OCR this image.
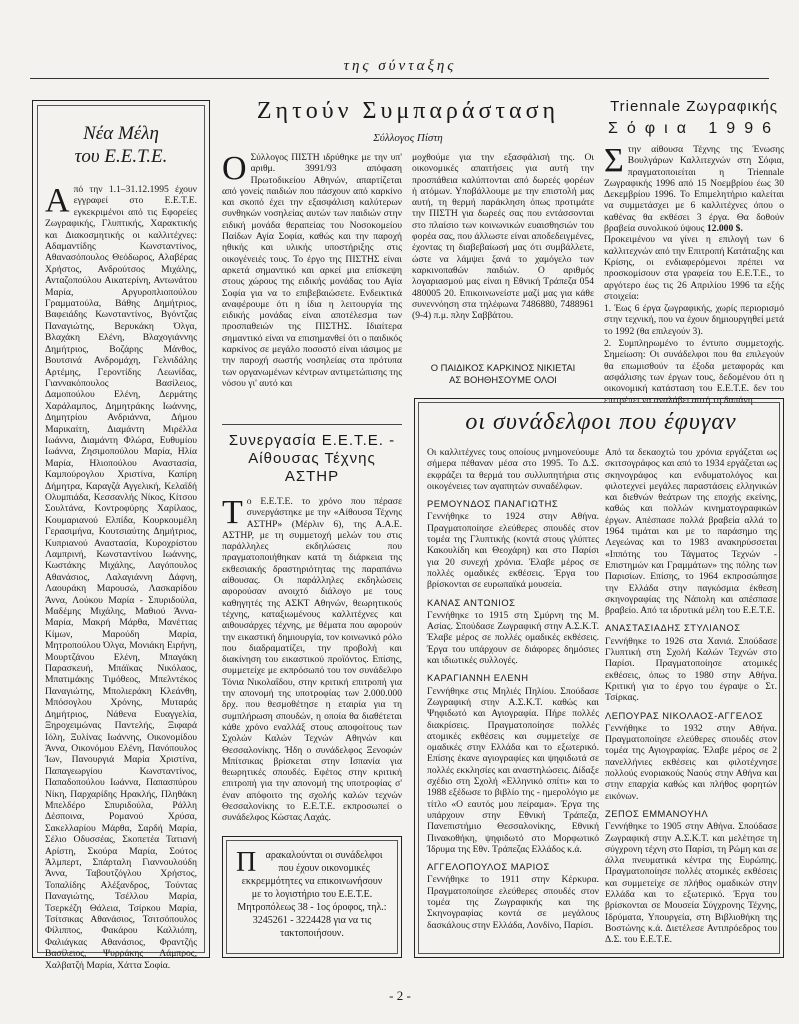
της σύνταξης
Νέα Μέλη
του Ε.Ε.Τ.Ε.
Από την 1.1–31.12.1995 έχουν εγγραφεί στο Ε.Ε.Τ.Ε. εγκεκριμένοι από τις Εφορείες Ζωγραφικής, Γλυπτικής, Χαρακτικής και Διακοσμητικής οι καλλιτέχνες: Αδαμαντίδης Κωνσταντίνος, Αθανασόπουλος Θεόδωρος, Αλαβέρας Χρήστος, Ανδρούτσος Μιχάλης, Ανταζοπούλου Αικατερίνη, Αντωνάτου Μαρία, Αργυροπλιοπούλου Γραμματούλα, Βάθης Δημήτριος, Βαφειάδης Κωνσταντίνος, Βγόντζας Παναγιώτης, Βερυκάκη Όλγα, Βλαχάκη Ελένη, Βλαχογιάννης Δημήτριος, Βοζάρης Μάνθος, Βουτσινά Ανδρομάχη, Γελνιδάλης Αρτέμης, Γεροντίδης Λεωνίδας, Γιαννακόπουλος Βασίλειος, Δαμοπούλου Ελένη, Δερμάτης Χαράλαμπος, Δημητράκης Ιωάννης, Δημητρίου Ανδριάννα, Δήμου Μαρικαίτη, Διαμάντη Μιρέλλα Ιωάννα, Διαμάντη Φλώρα, Ευθυμίου Ιωάννα, Ζησιμοπούλου Μαρία, Ηλία Μαρία, Ηλιοπούλου Αναστασία, Καμπούρογλου Χριστίνα, Καπίρη Δήμητρα, Καραγζά Αγγελική, Κελαϊδή Ολυμπιάδα, Κεσσανλής Νίκος, Κίτσου Σουλτάνα, Κοντροφύρης Χαρίλαος, Κουμαριανού Ελπίδα, Κουρκουμέλη Γερασιμήνα, Κουτσιαύτης Δημήτριος, Κυπριανού Αναστασία, Κυροχρίστου Λαμπρινή, Κωνσταντίνου Ιωάννης, Κωστάκης Μιχάλης, Λαγόπουλος Αθανάσιος, Λαλαγιάννη Δάφνη, Λαουράκη Μαρουσώ, Λασκαρίδου Άννα, Λούκου Μαρία - Σπυριδούλα, Μαδέμης Μιχάλης, Μαθιού Άννα-Μαρία, Μακρή Μάρθα, Μανέττας Κίμων, Μαρούδη Μαρία, Μητροπούλου Όλγα, Μονιάκη Ειρήνη, Μουρτζάνου Ελένη, Μπαγάκη Παρασκευή, Μπάϊκας Νικόλαος, Μπατιμάκης Τιμόθεος, Μπελντέκος Παναγιώτης, Μπολιεράκη Κλεάνθη, Μπόσογλου Χρόνης, Μυταράς Δημήτριος, Νάθενα Ευαγγελία, Ξηροχειμώνας Παντελής, Ξιφαρά Ιόλη, Ξυλίνας Ιωάννης, Οικονομίδου Άννα, Οικονόμου Ελένη, Πανόπουλος Ίων, Πανουργιά Μαρία Χριστίνα, Παπαγεωργίου Κωνσταντίνος, Παπαδοπούλου Ιωάννα, Παπασπύρου Νίκη, Παρχαρίδης Ηρακλής, Πληθάκη Μπελδέρο Σπυριδούλα, Ράλλη Δέσποινα, Ρομανού Χρύσα, Σακελλαρίου Μάρθα, Σαρδή Μαρία, Σέλιο Οδυσσέας, Σκοπετέα Τατιανή Αρίστη, Σκούρα Μαρία, Σούτος Άλμπερτ, Σπάρταλη Γιαννουλούδη Άννα, Ταβουτζόγλου Χρήστος, Τοπαλίδης Αλέξανδρος, Τούντας Παναγιώτης, Τσέλλου Μαρία, Τσερκέζη Θάλεια, Τσίρκου Μαρία, Τσίτσικας Αθανάσιος, Τσιτσόπουλος Φίλιππος, Φακάρου Καλλιόπη, Φαλιάγκας Αθανάσιος, Φραντζής Βασίλειος, Ψυρράκης Λάμπρος, Χαλβατζή Μαρία, Χάττα Σοφία.
Ζητούν Συμπαράσταση
Σύλλογος Πίστη
Ο Σύλλογος ΠΙΣΤΗ ιδρύθηκε με την υπ' αριθμ. 3991/93 απόφαση Πρωτοδικείου Αθηνών, απαρτίζεται από γονείς παιδιών που πάσχουν από καρκίνο και σκοπό έχει την εξασφάλιση καλύτερων συνθηκών νοσηλείας αυτών των παιδιών στην ειδική μονάδα θεραπείας του Νοσοκομείου Παίδων Αγία Σοφία, καθώς και την παροχή ηθικής και υλικής υποστήριξης στις οικογένειές τους. Το έργο της ΠΙΣΤΗΣ είναι αρκετά σημαντικό και αρκεί μια επίσκεψη στους χώρους της ειδικής μονάδας του Αγία Σοφία για να το επιβεβαιώσετε. Ενδεικτικά αναφέρουμε ότι η ίδια η λειτουργία της ειδικής μονάδας είναι αποτέλεσμα των προσπαθειών της ΠΙΣΤΗΣ. Ιδιαίτερα σημαντικό είναι να επισημανθεί ότι ο παιδικός καρκίνος σε μεγάλο ποσοστό είναι ιάσιμος με την παροχή σωστής νοσηλείας στα πρότυπα των οργανωμένων κέντρων αντιμετώπισης της νόσου γι' αυτό και
μοχθούμε για την εξασφάλισή της. Οι οικονομικές απαιτήσεις για αυτή την προσπάθεια καλύπτονται από δωρεές φορέων ή ατόμων. Υποβάλλουμε με την επιστολή μας αυτή, τη θερμή παράκληση όπως προτιμάτε την ΠΙΣΤΗ για δωρεές σας που εντάσσονται στο πλαίσιο των κοινωνικών ευαισθησιών του φορέα σας, που άλλωστε είναι αποδεδειγμένες, έχοντας τη διαβεβαίωσή μας ότι συμβάλλετε, ώστε να λάμψει ξανά το χαμόγελο των καρκινοπαθών παιδιών. Ο αριθμός λογαριασμού μας είναι η Εθνική Τράπεζα 054 480005 20. Επικοινωνείστε μαζί μας για κάθε συνεννόηση στα τηλέφωνα 7486880, 7488961 (9-4) π.μ. πλην Σαββάτου.
Ο ΠΑΙΔΙΚΟΣ ΚΑΡΚΙΝΟΣ ΝΙΚΙΕΤΑΙ
ΑΣ ΒΟΗΘΗΣΟΥΜΕ ΟΛΟΙ
Συνεργασία Ε.Ε.Τ.Ε. -
Αίθουσας Τέχνης
ΑΣΤΗΡ
Το Ε.Ε.Τ.Ε. το χρόνο που πέρασε συνεργάστηκε με την «Αίθουσα Τέχνης ΑΣΤΗΡ» (Μέρλιν 6), της Α.Α.Ε. ΑΣΤΗΡ, με τη συμμετοχή μελών του στις παράλληλες εκδηλώσεις που πραγματοποιήθηκαν κατά τη διάρκεια της εκθεσιακής δραστηριότητας της παραπάνω αίθουσας. Οι παράλληλες εκδηλώσεις αφορούσαν ανοιχτό διάλογο με τους καθηγητές της ΑΣΚΤ Αθηνών, θεωρητικούς τέχνης, καταξιωμένους καλλιτέχνες και αιθουσάρχες τέχνης, με θέματα που αφορούν την εικαστική δημιουργία, τον κοινωνικό ρόλο που διαδραματίζει, την προβολή και διακίνηση του εικαστικού προϊόντος. Επίσης, συμμετείχε με εκπρόσωπό του τον συνάδελφο Τόνια Νικολαΐδου, στην κριτική επιτροπή για την απονομή της υποτροφίας των 2.000.000 δρχ. που θεσμοθέτησε η εταιρία για τη συμπλήρωση σπουδών, η οποία θα διαθέτεται κάθε χρόνο εναλλάξ στους αποφοίτους των Σχολών Καλών Τεχνών Αθηνών και Θεσσαλονίκης. Ήδη ο συνάδελφος Ξενοφών Μπίτσικας βρίσκεται στην Ισπανία για θεωρητικές σπουδές. Εφέτος στην κριτική επιτροπή για την απονομή της υποτροφίας σ' έναν απόφοιτο της σχολής καλών τεχνών Θεσσαλονίκης το Ε.Ε.Τ.Ε. εκπροσωπεί ο συνάδελφος Κώστας Λαχάς.
Παρακαλούνται οι συνάδελφοι που έχουν οικονομικές εκκρεμμότητες να επικοινωνήσουν με το λογιστήριο του Ε.Ε.Τ.Ε. Μητροπόλεως 38 - 1ος όροφος, τηλ.: 3245261 - 3224428 για να τις τακτοποιήσουν.
Triennale Ζωγραφικής
Σόφια 1996
Στην αίθουσα Τέχνης της Ένωσης Βουλγάρων Καλλιτεχνών στη Σόφια, πραγματοποιείται η Triennale Ζωγραφικής 1996 από 15 Νοεμβρίου έως 30 Δεκεμβρίου 1996. Το Επιμελητήριο καλείται να συμμετάσχει με 6 καλλιτέχνες όπου ο καθένας θα εκθέσει 3 έργα. Θα δοθούν βραβεία συνολικού ύψους 12.000 $.

Προκειμένου να γίνει η επιλογή των 6 καλλιτεχνών από την Επιτροπή Κατάταξης και Κρίσης, οι ενδιαφερόμενοι πρέπει να προσκομίσουν στα γραφεία του Ε.Ε.Τ.Ε., το αργότερο έως τις 26 Απριλίου 1996 τα εξής στοιχεία:

1. Έως 6 έργα ζωγραφικής, χωρίς περιορισμό στην τεχνική, που να έχουν δημιουργηθεί μετά το 1992 (θα επιλεγούν 3).

2. Συμπληρωμένο το έντυπο συμμετοχής. Σημείωση: Οι συνάδελφοι που θα επιλεγούν θα επωμισθούν τα έξοδα μεταφοράς και ασφάλισης των έργων τους, δεδομένου ότι η οικονομική κατάσταση του Ε.Ε.Τ.Ε. δεν του επιτρέπει να αναλάβει αυτή τη δαπάνη.

οι συνάδελφοι που έφυγαν

Οι καλλιτέχνες τους οποίους μνημονεύουμε σήμερα πέθαναν μέσα στο 1995. Το Δ.Σ. εκφράζει τα θερμά του συλλυπητήρια στις οικογένειες των αγαπητών συναδέλφων.

ΡΕΜΟΥΝΔΟΣ ΠΑΝΑΓΙΩΤΗΣ

Γεννήθηκε το 1924 στην Αθήνα. Πραγματοποίησε ελεύθερες σπουδές στον τομέα της Γλυπτικής (κοντά στους γλύπτες Κακουλίδη και Θεοχάρη) και στο Παρίσι για 20 συνεχή χρόνια. Έλαβε μέρος σε πολλές ομαδικές εκθέσεις. Έργα του βρίσκονται σε ευρωπαϊκά μουσεία.

ΚΑΝΑΣ ΑΝΤΩΝΙΟΣ

Γεννήθηκε το 1915 στη Σμύρνη της Μ. Ασίας. Σπούδασε Ζωγραφική στην Α.Σ.Κ.Τ. Έλαβε μέρος σε πολλές ομαδικές εκθέσεις. Έργα του υπάρχουν σε διάφορες δημόσιες και ιδιωτικές συλλογές.

ΚΑΡΑΓΙΑΝΝΗ ΕΛΕΝΗ

Γεννήθηκε στις Μηλιές Πηλίου. Σπούδασε Ζωγραφική στην Α.Σ.Κ.Τ. καθώς και Ψηφιδωτό και Αγιογραφία. Πήρε πολλές διακρίσεις. Πραγματοποίησε πολλές ατομικές εκθέσεις και συμμετείχε σε ομαδικές στην Ελλάδα και το εξωτερικό. Επίσης έκανε αγιογραφίες και ψηφιδωτά σε πολλές εκκλησίες και αναστηλώσεις. Δίδαξε σχέδιο στη Σχολή «Ελληνικό σπίτι» και το 1988 εξέδωσε το βιβλίο της - ημερολόγιο με τίτλο «Ο εαυτός μου πείραμα». Έργα της υπάρχουν στην Εθνική Τράπεζα, Πανεπιστήμιο Θεσσαλονίκης, Εθνική Πινακοθήκη, ψηφιδωτό στο Μορφωτικό Ίδρυμα της Εθν. Τράπεζας Ελλάδος κ.ά.

ΑΓΓΕΛΟΠΟΥΛΟΣ ΜΑΡΙΟΣ

Γεννήθηκε το 1911 στην Κέρκυρα. Πραγματοποίησε ελεύθερες σπουδές στον τομέα της Ζωγραφικής και της Σκηνογραφίας κοντά σε μεγάλους δασκάλους στην Ελλάδα, Λονδίνο, Παρίσι.

Από τα δεκαοχτώ του χρόνια εργάζεται ως σκιτσογράφος και από το 1934 εργάζεται ως σκηνογράφος και ενδυματολόγος και φιλοτεχνεί μεγάλες παραστάσεις ελληνικών και διεθνών θεάτρων της εποχής εκείνης, καθώς και πολλών κινηματογραφικών έργων. Απέσπασε πολλά βραβεία αλλά το 1964 τιμάται και με το παράσημο της Λεγεώνας και το 1983 ανακηρύσσεται «Ιππότης του Τάγματος Τεχνών - Επιστημών και Γραμμάτων» της πόλης των Παρισίων. Επίσης, το 1964 εκπροσώπησε την Ελλάδα στην παγκόσμια έκθεση σκηνογραφίας της Νάπολη και απέσπασε βραβείο. Από τα ιδρυτικά μέλη του Ε.Ε.Τ.Ε.

ΑΝΑΣΤΑΣΙΑΔΗΣ ΣΤΥΛΙΑΝΟΣ

Γεννήθηκε το 1926 στα Χανιά. Σπούδασε Γλυπτική στη Σχολή Καλών Τεχνών στο Παρίσι. Πραγματοποίησε ατομικές εκθέσεις, όπως το 1980 στην Αθήνα. Κριτική για το έργο του έγραψε ο Στ. Τσίρκας.

ΛΕΠΟΥΡΑΣ ΝΙΚΟΛΑΟΣ-ΑΓΓΕΛΟΣ

Γεννήθηκε το 1932 στην Αθήνα. Πραγματοποίησε ελεύθερες σπουδές στον τομέα της Αγιογραφίας. Έλαβε μέρος σε 2 πανελλήνιες εκθέσεις και φιλοτέχνησε πολλούς ενοριακούς Ναούς στην Αθήνα και στην επαρχία καθώς και πλήθος φορητών εικόνων.

ΖΕΠΟΣ ΕΜΜΑΝΟΥΗΛ

Γεννήθηκε το 1905 στην Αθήνα. Σπούδασε Ζωγραφική στην Α.Σ.Κ.Τ. και μελέτησε τη σύγχρονη τέχνη στο Παρίσι, τη Ρώμη και σε άλλα πνευματικά κέντρα της Ευρώπης. Πραγματοποίησε πολλές ατομικές εκθέσεις και συμμετείχε σε πλήθος ομαδικών στην Ελλάδα και το εξωτερικό. Έργα του βρίσκονται σε Μουσεία Σύγχρονης Τέχνης, Ιδρύματα, Υπουργεία, στη Βιβλιοθήκη της Βοστώνης κ.ά. Διετέλεσε Αντιπρόεδρος του Δ.Σ. του Ε.Ε.Τ.Ε.

- 2 -
